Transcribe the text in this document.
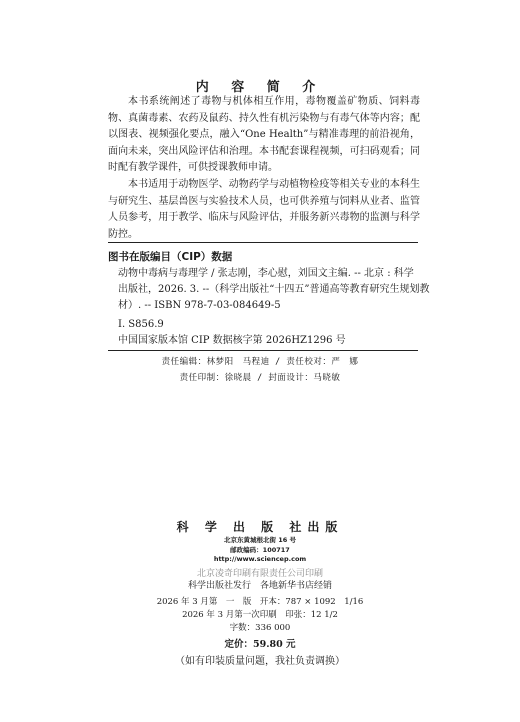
内 容 简 介

本书系统阐述了毒物与机体相互作用，毒物覆盖矿物质、饲料毒物、真菌毒素、农药及鼠药、持久性有机污染物与有毒气体等内容；配以图表、视频强化要点，融入“One Health”与精准毒理的前沿视角，面向未来，突出风险评估和治理。本书配套课程视频，可扫码观看；同时配有教学课件，可供授课教师申请。

本书适用于动物医学、动物药学与动植物检疫等相关专业的本科生与研究生、基层兽医与实验技术人员，也可供养殖与饲料从业者、监管人员参考，用于教学、临床与风险评估，并服务新兴毒物的监测与科学防控。

图书在版编目（CIP）数据

动物中毒病与毒理学 / 张志刚，李心慰，刘国文主编. -- 北京 : 科学

出版社，2026. 3. --（科学出版社“十四五”普通高等教育研究生规划教

材）. -- ISBN 978-7-03-084649-5

Ⅰ. S856.9

中国国家版本馆 CIP 数据核字第 2026HZ1296 号

责任编辑：林梦阳　马程迪 / 责任校对：严　娜
责任印制：徐晓晨 / 封面设计：马晓敏
科 学 出 版 社出版
北京东黄城根北街 16 号
邮政编码：100717
http://www.sciencep.com
北京凌奇印刷有限责任公司印刷
科学出版社发行　各地新华书店经销
2026 年 3 月第　一　版　开本：787 × 1092　1/16
2026 年 3 月第一次印刷　印张：12 1/2
字数：336 000
定价：59.80 元
（如有印装质量问题，我社负责调换）
